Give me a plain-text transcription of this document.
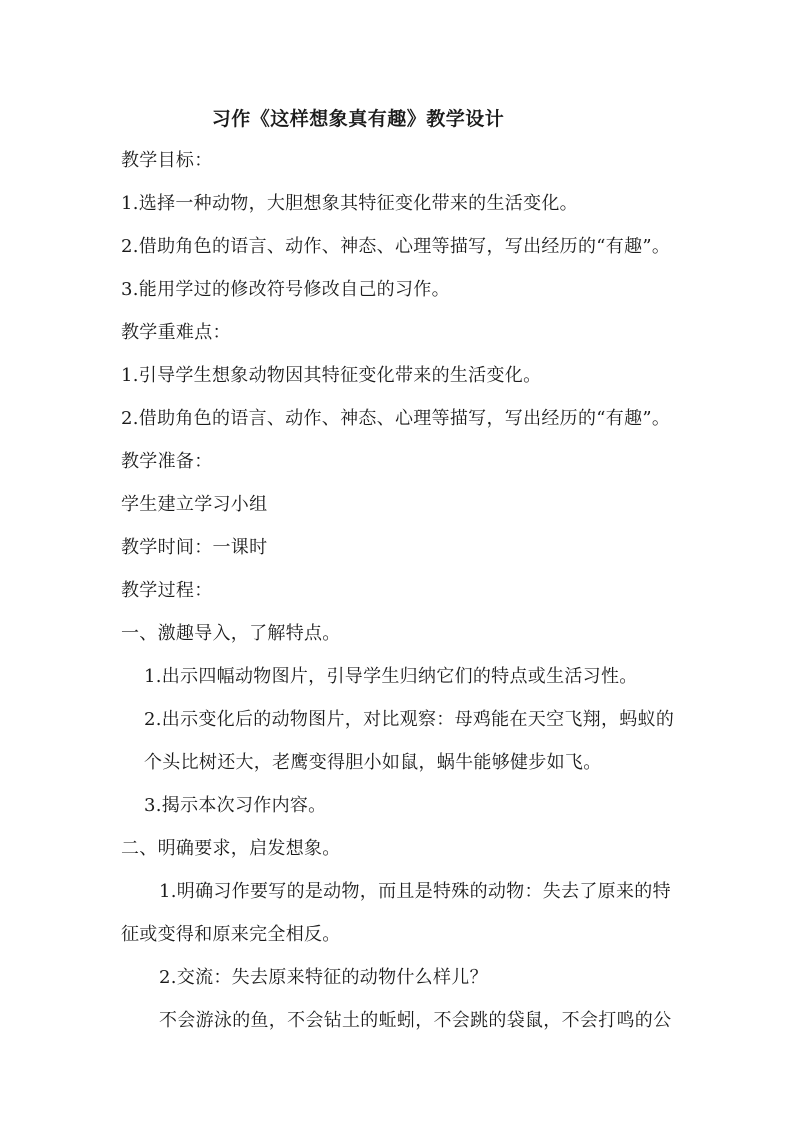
习作《这样想象真有趣》教学设计
教学目标：
1.选择一种动物，大胆想象其特征变化带来的生活变化。
2.借助角色的语言、动作、神态、心理等描写，写出经历的“有趣”。
3.能用学过的修改符号修改自己的习作。
教学重难点：
1.引导学生想象动物因其特征变化带来的生活变化。
2.借助角色的语言、动作、神态、心理等描写，写出经历的“有趣”。
教学准备：
学生建立学习小组
教学时间：一课时
教学过程：
一、激趣导入，了解特点。
1.出示四幅动物图片，引导学生归纳它们的特点或生活习性。
2.出示变化后的动物图片，对比观察：母鸡能在天空飞翔，蚂蚁的
个头比树还大，老鹰变得胆小如鼠，蜗牛能够健步如飞。
3.揭示本次习作内容。
二、明确要求，启发想象。
1.明确习作要写的是动物，而且是特殊的动物：失去了原来的特
征或变得和原来完全相反。
2.交流：失去原来特征的动物什么样儿？
不会游泳的鱼，不会钻土的蚯蚓，不会跳的袋鼠，不会打鸣的公
